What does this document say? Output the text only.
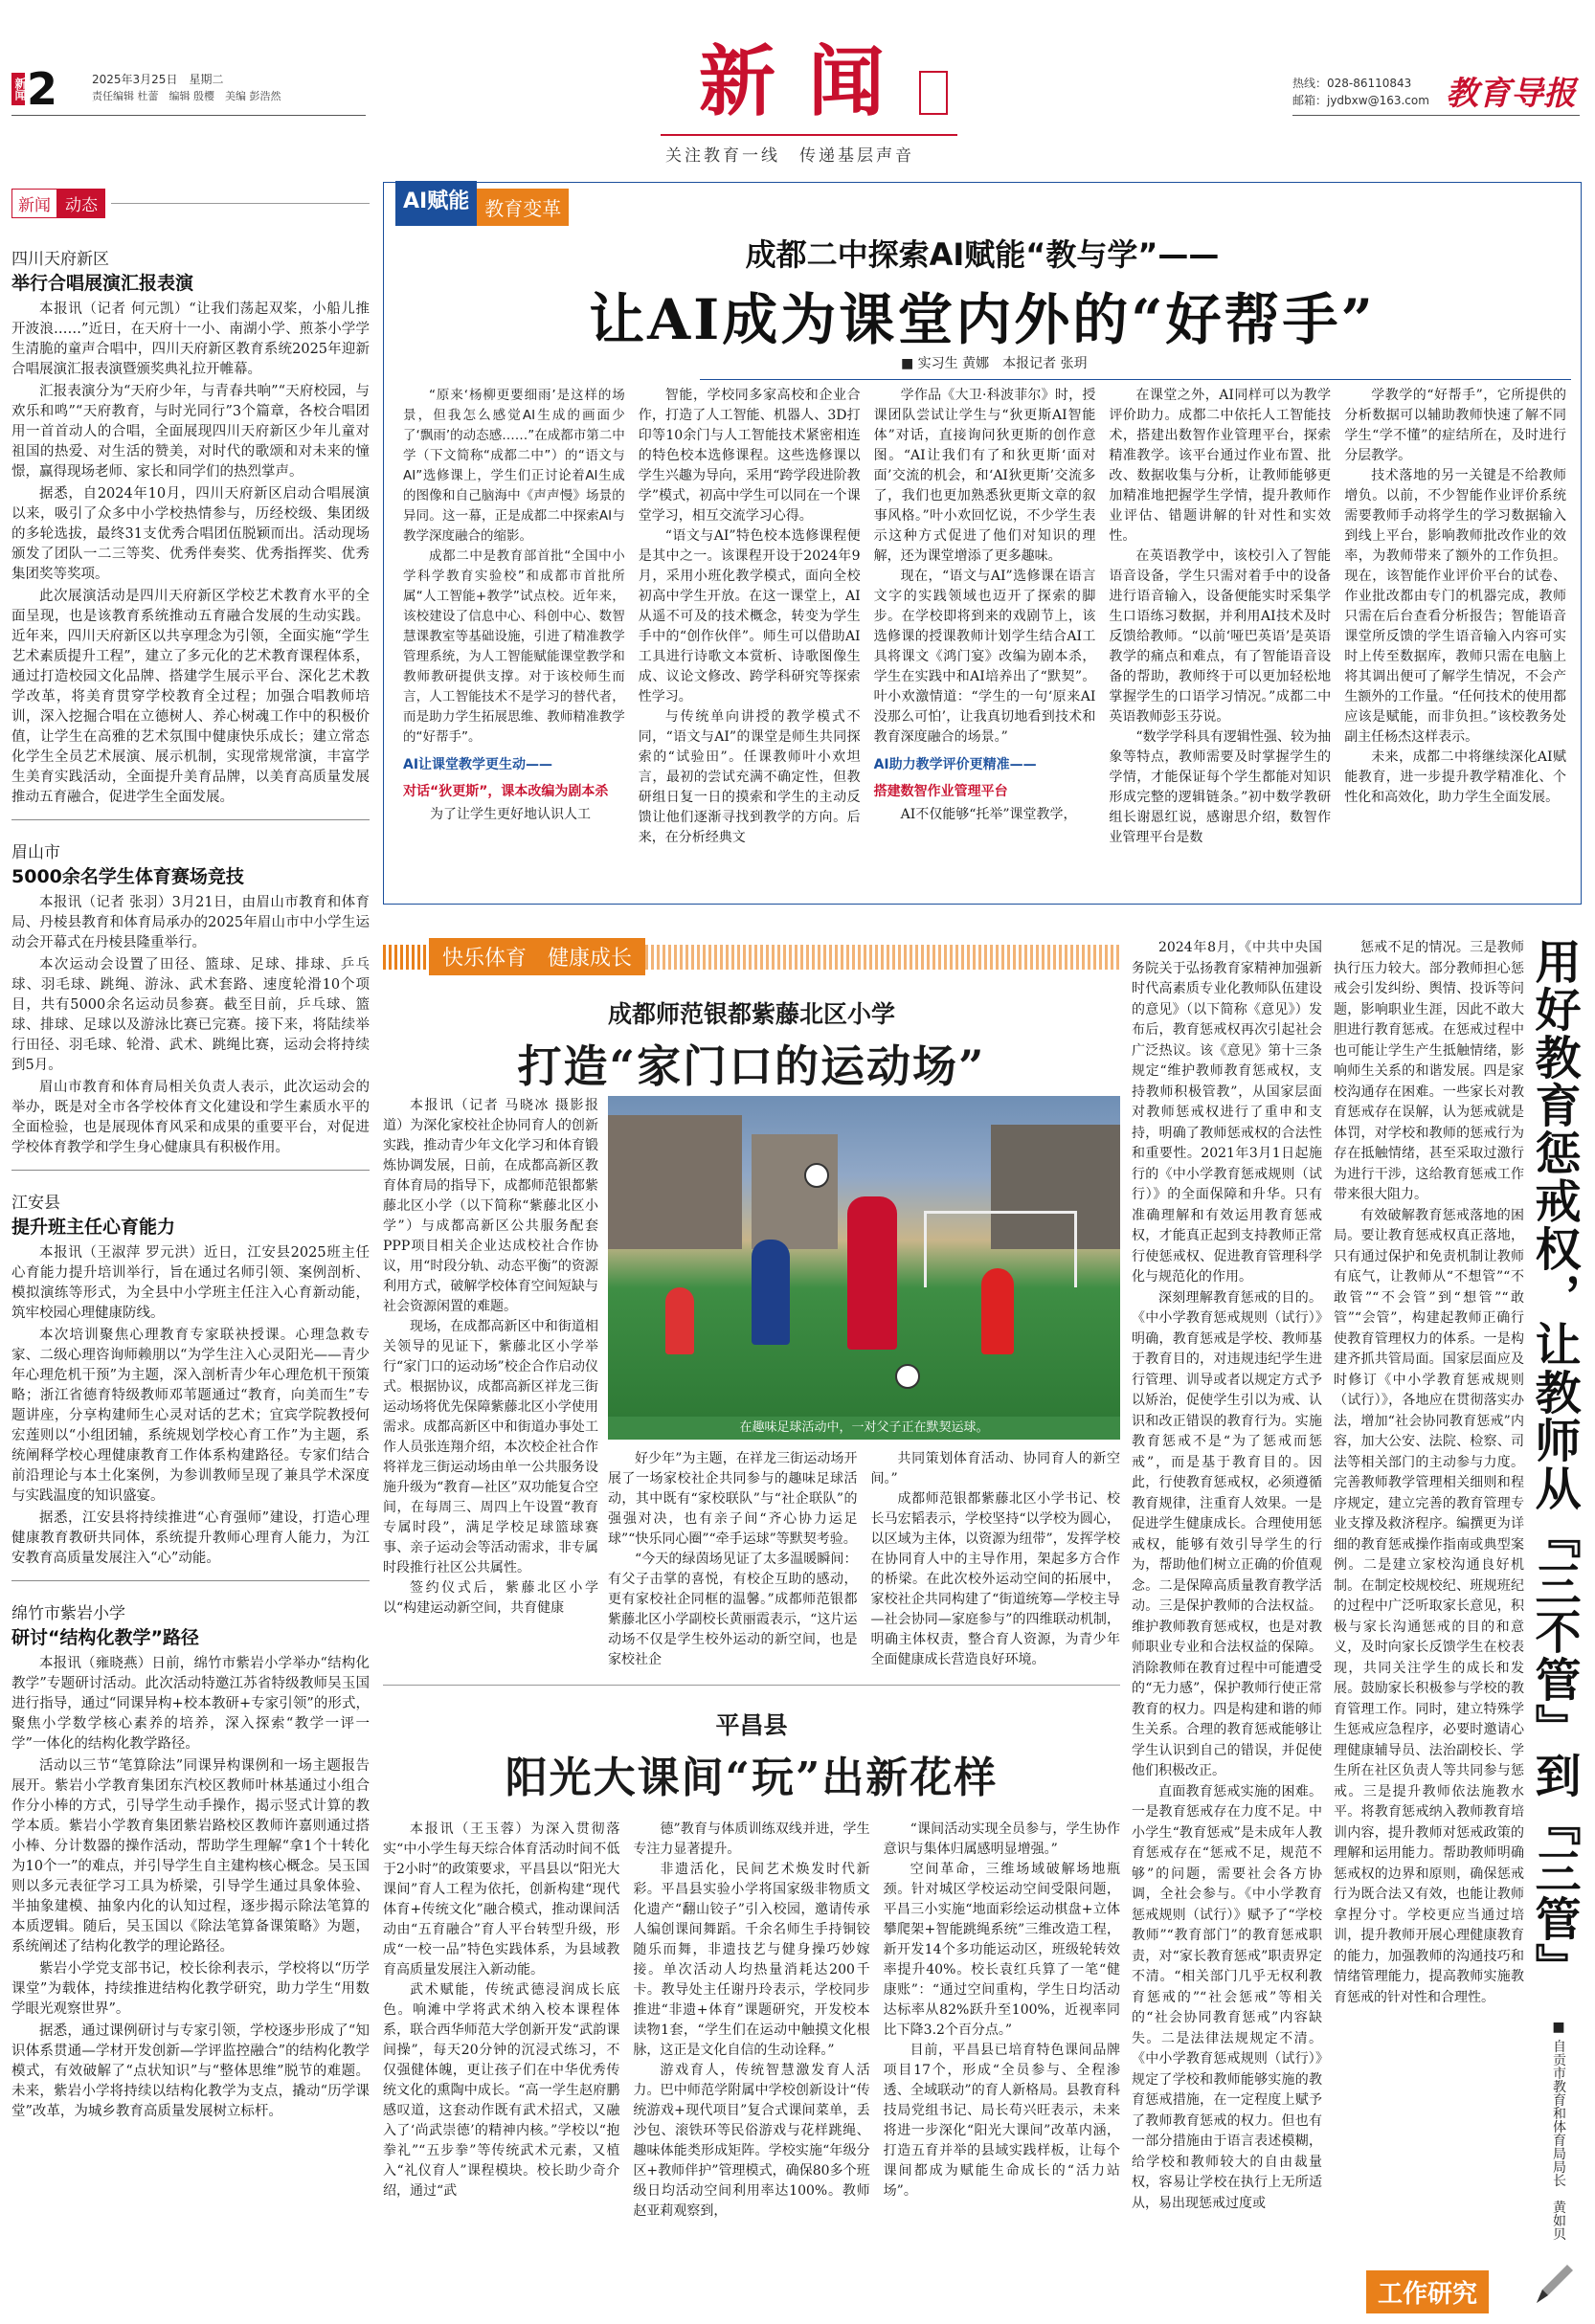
新闻 2	2025年3月25日　星期二
责任编辑 杜蕾　编辑 殷樱　美编 彭浩然	新闻
关注教育一线　传递基层声音
热线：028-86110843
邮箱：jydbxw@163.com 教育导报
新闻 动态
四川天府新区
举行合唱展演汇报表演

本报讯（记者 何元凯）“让我们荡起双桨，小船儿推开波浪……”近日，在天府十一小、南湖小学、煎茶小学学生清脆的童声合唱中，四川天府新区教育系统2025年迎新合唱展演汇报表演暨颁奖典礼拉开帷幕。

汇报表演分为“天府少年，与青春共响”“天府校园，与欢乐和鸣”“天府教育，与时光同行”3个篇章，各校合唱团用一首首动人的合唱，全面展现四川天府新区少年儿童对祖国的热爱、对生活的赞美，对时代的歌颂和对未来的憧憬，赢得现场老师、家长和同学们的热烈掌声。

据悉，自2024年10月，四川天府新区启动合唱展演以来，吸引了众多中小学校热情参与，历经校级、集团级的多轮选拔，最终31支优秀合唱团伍脱颖而出。活动现场颁发了团队一二三等奖、优秀伴奏奖、优秀指挥奖、优秀集团奖等奖项。

此次展演活动是四川天府新区学校艺术教育水平的全面呈现，也是该教育系统推动五育融合发展的生动实践。近年来，四川天府新区以共享理念为引领，全面实施“学生艺术素质提升工程”，建立了多元化的艺术教育课程体系，通过打造校园文化品牌、搭建学生展示平台、深化艺术教学改革，将美育贯穿学校教育全过程；加强合唱教师培训，深入挖掘合唱在立德树人、养心树魂工作中的积极价值，让学生在高雅的艺术氛围中健康快乐成长；建立常态化学生全员艺术展演、展示机制，实现常规常演，丰富学生美育实践活动，全面提升美育品牌，以美育高质量发展推动五育融合，促进学生全面发展。

眉山市
5000余名学生体育赛场竞技

本报讯（记者 张羽）3月21日，由眉山市教育和体育局、丹棱县教育和体育局承办的2025年眉山市中小学生运动会开幕式在丹棱县隆重举行。

本次运动会设置了田径、篮球、足球、排球、乒乓球、羽毛球、跳绳、游泳、武术套路、速度轮滑10个项目，共有5000余名运动员参赛。截至目前，乒乓球、篮球、排球、足球以及游泳比赛已完赛。接下来，将陆续举行田径、羽毛球、轮滑、武术、跳绳比赛，运动会将持续到5月。

眉山市教育和体育局相关负责人表示，此次运动会的举办，既是对全市各学校体育文化建设和学生素质水平的全面检验，也是展现体育风采和成果的重要平台，对促进学校体育教学和学生身心健康具有积极作用。

江安县
提升班主任心育能力

本报讯（王淑萍 罗元洪）近日，江安县2025班主任心育能力提升培训举行，旨在通过名师引领、案例剖析、模拟演练等形式，为全县中小学班主任注入心育新动能，筑牢校园心理健康防线。

本次培训聚焦心理教育专家联袂授课。心理急救专家、二级心理咨询师赖朋以“为学生注入心灵阳光——青少年心理危机干预”为主题，深入剖析青少年心理危机干预策略；浙江省德育特级教师邓苇题通过“教育，向美而生”专题讲座，分享构建师生心灵对话的艺术；宜宾学院教授何宏莲则以“小组团辅，系统规划学校心育工作”为主题，系统阐释学校心理健康教育工作体系构建路径。专家们结合前沿理论与本土化案例，为参训教师呈现了兼具学术深度与实践温度的知识盛宴。

据悉，江安县将持续推进“心育强师”建设，打造心理健康教育教研共同体，系统提升教师心理育人能力，为江安教育高质量发展注入“心”动能。

绵竹市紫岩小学
研讨“结构化教学”路径

本报讯（雍晓燕）日前，绵竹市紫岩小学举办“结构化教学”专题研讨活动。此次活动特邀江苏省特级教师吴玉国进行指导，通过“同课异构+校本教研+专家引领”的形式，聚焦小学数学核心素养的培养，深入探索“教学一评一学”一体化的结构化教学路径。

活动以三节“笔算除法”同课异构课例和一场主题报告展开。紫岩小学教育集团东汽校区教师叶林基通过小组合作分小棒的方式，引导学生动手操作，揭示竖式计算的教学本质。紫岩小学教育集团紫岩路校区教师许嘉则通过搭小棒、分计数器的操作活动，帮助学生理解“拿1个十转化为10个一”的难点，并引导学生自主建构核心概念。吴玉国则以多元表征学习工具为桥梁，引导学生通过具象体验、半抽象建模、抽象内化的认知过程，逐步揭示除法笔算的本质逻辑。随后，吴玉国以《除法笔算备课策略》为题，系统阐述了结构化教学的理论路径。

紫岩小学党支部书记，校长徐利表示，学校将以“历学课堂”为载体，持续推进结构化教学研究，助力学生“用数学眼光观察世界”。

据悉，通过课例研讨与专家引领，学校逐步形成了“知识体系贯通—学材开发创新—学评监控融合”的结构化教学模式，有效破解了“点状知识”与“整体思维”脱节的难题。未来，紫岩小学将持续以结构化教学为支点，撬动“历学课堂”改革，为城乡教育高质量发展树立标杆。

AI赋能 教育变革
成都二中探索AI赋能“教与学”——
让AI成为课堂内外的“好帮手”
■ 实习生 黄娜　本报记者 张玥

“原来‘杨柳更要细雨’是这样的场景，但我怎么感觉AI生成的画面少了‘飘雨’的动态感……”在成都市第二中学（下文简称“成都二中”）的“语文与AI”选修课上，学生们正讨论着AI生成的图像和自己脑海中《声声慢》场景的异同。这一幕，正是成都二中探索AI与教学深度融合的缩影。

成都二中是教育部首批“全国中小学科学教育实验校”和成都市首批所属“人工智能+教学”试点校。近年来，该校建设了信息中心、科创中心、数智慧课教室等基础设施，引进了精准教学管理系统，为人工智能赋能课堂教学和教师教研提供支撑。对于该校师生而言，人工智能技术不是学习的替代者，而是助力学生拓展思维、教师精准教学的“好帮手”。

AI让课堂教学更生动——
对话“狄更斯”，课本改编为剧本杀

为了让学生更好地认识人工

智能，学校同多家高校和企业合作，打造了人工智能、机器人、3D打印等10余门与人工智能技术紧密相连的特色校本选修课程。这些选修课以学生兴趣为导向，采用“跨学段进阶教学”模式，初高中学生可以同在一个课堂学习，相互交流学习心得。

“语文与AI”特色校本选修课程便是其中之一。该课程开设于2024年9月，采用小班化教学模式，面向全校初高中学生开放。在这一课堂上，AI从遥不可及的技术概念，转变为学生手中的“创作伙伴”。师生可以借助AI工具进行诗歌文本赏析、诗歌图像生成、议论文修改、跨学科研究等探索性学习。

与传统单向讲授的教学模式不同，“语文与AI”的课堂是师生共同探索的“试验田”。任课教师叶小欢坦言，最初的尝试充满不确定性，但教研组日复一日的摸索和学生的主动反馈让他们逐渐寻找到教学的方向。后来，在分析经典文

学作品《大卫·科波菲尔》时，授课团队尝试让学生与“狄更斯AI智能体”对话，直接询问狄更斯的创作意图。“AI让我们有了和狄更斯‘面对面’交流的机会，和‘AI狄更斯’交流多了，我们也更加熟悉狄更斯文章的叙事风格。”叶小欢回忆说，不少学生表示这种方式促进了他们对知识的理解，还为课堂增添了更多趣味。

现在，“语文与AI”选修课在语言文字的实践领域也迈开了探索的脚步。在学校即将到来的戏剧节上，该选修课的授课教师计划学生结合AI工具将课文《鸿门宴》改编为剧本杀，学生在实践中和AI培养出了“默契”。叶小欢激情道：“学生的一句‘原来AI没那么可怕’，让我真切地看到技术和教育深度融合的场景。”

AI助力教学评价更精准——
搭建数智作业管理平台

AI不仅能够“托举”课堂教学，

在课堂之外，AI同样可以为教学评价助力。成都二中依托人工智能技术，搭建出数智作业管理平台，探索精准教学。该平台通过作业布置、批改、数据收集与分析，让教师能够更加精准地把握学生学情，提升教师作业评估、错题讲解的针对性和实效性。

在英语教学中，该校引入了智能语音设备，学生只需对着手中的设备进行语音输入，设备便能实时采集学生口语练习数据，并利用AI技术及时反馈给教师。“以前‘哑巴英语’是英语教学的痛点和难点，有了智能语音设备的帮助，教师终于可以更加轻松地掌握学生的口语学习情况。”成都二中英语教师彭玉芬说。

“数学学科具有逻辑性强、较为抽象等特点，教师需要及时掌握学生的学情，才能保证每个学生都能对知识形成完整的逻辑链条。”初中数学教研组长谢恩红说，感谢思介绍，数智作业管理平台是数

学教学的“好帮手”，它所提供的分析数据可以辅助教师快速了解不同学生“学不懂”的症结所在，及时进行分层教学。

技术落地的另一关键是不给教师增负。以前，不少智能作业评价系统需要教师手动将学生的学习数据输入到线上平台，影响教师批改作业的效率，为教师带来了额外的工作负担。现在，该智能作业评价平台的试卷、作业批改都由专门的机器完成，教师只需在后台查看分析报告；智能语音课堂所反馈的学生语音输入内容可实时上传至数据库，教师只需在电脑上将其调出便可了解学生情况，不会产生额外的工作量。“任何技术的使用都应该是赋能，而非负担。”该校教务处副主任杨杰这样表示。

未来，成都二中将继续深化AI赋能教育，进一步提升教学精准化、个性化和高效化，助力学生全面发展。

快乐体育　健康成长
成都师范银都紫藤北区小学
打造“家门口的运动场”

本报讯（记者 马晓冰 摄影报道）为深化家校社企协同育人的创新实践，推动青少年文化学习和体育锻炼协调发展，日前，在成都高新区教育体育局的指导下，成都师范银都紫藤北区小学（以下简称“紫藤北区小学”）与成都高新区公共服务配套PPP项目相关企业达成校社合作协议，用“时段分轨、动态平衡”的资源利用方式，破解学校体育空间短缺与社会资源闲置的难题。

现场，在成都高新区中和街道相关领导的见证下，紫藤北区小学举行“家门口的运动场”校企合作启动仪式。根据协议，成都高新区祥龙三街运动场将优先保障紫藤北区小学使用需求。成都高新区中和街道办事处工作人员张连翔介绍，本次校企社合作将祥龙三街运动场由单一公共服务设施升级为“教育—社区”双功能复合空间，在每周三、周四上午设置“教育专属时段”，满足学校足球篮球赛事、亲子运动会等活动需求，非专属时段推行社区公共属性。

签约仪式后，紫藤北区小学以“构建运动新空间，共育健康

在趣味足球活动中，一对父子正在默契运球。

好少年”为主题，在祥龙三街运动场开展了一场家校社企共同参与的趣味足球活动，其中既有“家校联队”与“社企联队”的强强对决，也有亲子间“齐心协力运足球”“快乐同心圈”“牵手运球”等默契考验。

“今天的绿茵场见证了太多温暖瞬间：有父子击掌的喜悦，有校企互助的感动，更有家校社企同框的温馨。”成都师范银都紫藤北区小学副校长黄丽霞表示，“这片运动场不仅是学生校外运动的新空间，也是家校社企

共同策划体育活动、协同育人的新空间。”

成都师范银都紫藤北区小学书记、校长马宏韬表示，学校坚持“以学校为圆心，以区域为主体，以资源为纽带”，发挥学校在协同育人中的主导作用，架起多方合作的桥梁。在此次校外运动空间的拓展中，家校社企共同构建了“街道统筹—学校主导—社会协同—家庭参与”的四维联动机制，明确主体权责，整合育人资源，为青少年全面健康成长营造良好环境。

平昌县
阳光大课间“玩”出新花样

本报讯（王玉蓉）为深入贯彻落实“中小学生每天综合体育活动时间不低于2小时”的政策要求，平昌县以“阳光大课间”育人工程为依托，创新构建“现代体育+传统文化”融合模式，推动课间活动由“五育融合”育人平台转型升级，形成“一校一品”特色实践体系，为县域教育高质量发展注入新动能。

武术赋能，传统武德浸润成长底色。响滩中学将武术纳入校本课程体系，联合西华师范大学创新开发“武韵课间操”，每天20分钟的沉浸式练习，不仅强健体魄，更让孩子们在中华优秀传统文化的熏陶中成长。“高一学生赵府鹏感叹道，这套动作既有武术招式，又融入了‘尚武崇德’的精神内核。”学校以“抱拳礼”“五步拳”等传统武术元素，又植入“礼仪育人”课程模块。校长助少奇介绍，通过“武

德”教育与体质训练双线并进，学生专注力显著提升。

非遗活化，民间艺术焕发时代新彩。平昌县实验小学将国家级非物质文化遗产“翻山铰子”引入校园，邀请传承人编创课间舞蹈。千余名师生手持铜铰随乐而舞，非遗技艺与健身操巧妙嫁接。单次活动人均热量消耗达200千卡。教导处主任谢丹玲表示，学校同步推进“非遗+体育”课题研究，开发校本读物1套，“学生们在运动中触摸文化根脉，这正是文化自信的生动诠释。”

游戏育人，传统智慧激发育人活力。巴中师范学附属中学校创新设计“传统游戏+现代项目”复合式课间菜单，丢沙包、滚铁环等民俗游戏与花样跳绳、趣味体能类形成矩阵。学校实施“年级分区+教师伴护”管理模式，确保80多个班级日均活动空间利用率达100%。教师赵亚莉观察到，

“课间活动实现全员参与，学生协作意识与集体归属感明显增强。”

空间革命，三维场域破解场地瓶颈。针对城区学校运动空间受限问题，平昌三小实施“地面彩绘运动棋盘+立体攀爬架+智能跳绳系统”三维改造工程，新开发14个多功能运动区，班级轮转效率提升40%。校长袁红兵算了一笔“健康账”：“通过空间重构，学生日均活动达标率从82%跃升至100%，近视率同比下降3.2个百分点。”

目前，平昌县已培育特色课间品牌项目17个，形成“全员参与、全程渗透、全域联动”的育人新格局。县教育科技局党组书记、局长苟兴旺表示，未来将进一步深化“阳光大课间”改革内涵，打造五育并举的县域实践样板，让每个课间都成为赋能生命成长的“活力站场”。

2024年8月，《中共中央国务院关于弘扬教育家精神加强新时代高素质专业化教师队伍建设的意见》（以下简称《意见》）发布后，教育惩戒权再次引起社会广泛热议。该《意见》第十三条规定“维护教师教育惩戒权，支持教师积极管教”，从国家层面对教师惩戒权进行了重申和支持，明确了教师惩戒权的合法性和重要性。2021年3月1日起施行的《中小学教育惩戒规则（试行）》的全面保障和升华。只有准确理解和有效运用教育惩戒权，才能真正起到支持教师正常行使惩戒权、促进教育管理科学化与规范化的作用。

深刻理解教育惩戒的目的。《中小学教育惩戒规则（试行）》明确，教育惩戒是学校、教师基于教育目的，对违规违纪学生进行管理、训导或者以规定方式予以矫治，促使学生引以为戒、认识和改正错误的教育行为。实施教育惩戒不是“为了惩戒而惩戒”，而是基于教育目的。因此，行使教育惩戒权，必须遵循教育规律，注重育人效果。一是促进学生健康成长。合理使用惩戒权，能够有效引导学生的行为，帮助他们树立正确的价值观念。二是保障高质量教育教学活动。三是保护教师的合法权益。维护教师教育惩戒权，也是对教师职业专业和合法权益的保障。消除教师在教育过程中可能遭受的“无力感”，保护教师行使正常教育的权力。四是构建和谐的师生关系。合理的教育惩戒能够让学生认识到自己的错误，并促使他们积极改正。

直面教育惩戒实施的困难。一是教育惩戒存在力度不足。中小学生“教育惩戒”是未成年人教育惩戒存在“惩戒不足，规范不够”的问题，需要社会各方协调，全社会参与。《中小学教育惩戒规则（试行）》赋予了“学校教师”“教育部门”的教育惩戒职责，对“家长教育惩戒”职责界定不清。“相关部门几乎无权利教育惩戒的”“社会惩戒”等相关的“社会协同教育惩戒”内容缺失。二是法律法规规定不清。《中小学教育惩戒规则（试行）》规定了学校和教师能够实施的教育惩戒措施，在一定程度上赋予了教师教育惩戒的权力。但也有一部分措施由于语言表述模糊，给学校和教师较大的自由裁量权，容易让学校在执行上无所适从，易出现惩戒过度或

惩戒不足的情况。三是教师执行压力较大。部分教师担心惩戒会引发纠纷、舆情、投诉等问题，影响职业生涯，因此不敢大胆进行教育惩戒。在惩戒过程中也可能让学生产生抵触情绪，影响师生关系的和谐发展。四是家校沟通存在困难。一些家长对教育惩戒存在误解，认为惩戒就是体罚，对学校和教师的惩戒行为存在抵触情绪，甚至采取过激行为进行干涉，这给教育惩戒工作带来很大阻力。

有效破解教育惩戒落地的困局。要让教育惩戒权真正落地，只有通过保护和免责机制让教师有底气，让教师从“不想管”“不敢管”“不会管”到“想管”“敢管”“会管”，构建起教师正确行使教育管理权力的体系。一是构建齐抓共管局面。国家层面应及时修订《中小学教育惩戒规则（试行）》，各地应在贯彻落实办法，增加“社会协同教育惩戒”内容，加大公安、法院、检察、司法等相关部门的主动参与力度。完善教师教学管理相关细则和程序规定，建立完善的教育管理专业支撑及救济程序。编撰更为详细的教育惩戒操作指南或典型案例。二是建立家校沟通良好机制。在制定校规校纪、班规班纪的过程中广泛听取家长意见，积极与家长沟通惩戒的目的和意义，及时向家长反馈学生在校表现，共同关注学生的成长和发展。鼓励家长积极参与学校的教育管理工作。同时，建立特殊学生惩戒应急程序，必要时邀请心理健康辅导员、法治副校长、学生所在社区负责人等共同参与惩戒。三是提升教师依法施教水平。将教育惩戒纳入教师教育培训内容，提升教师对惩戒政策的理解和运用能力。帮助教师明确惩戒权的边界和原则，确保惩戒行为既合法又有效，也能让教师拿捏分寸。学校更应当通过培训，提升教师开展心理健康教育的能力，加强教师的沟通技巧和情绪管理能力，提高教师实施教育惩戒的针对性和合理性。

用好教育惩戒权，让教师从『三不管』到『三管』
■ 自贡市教育和体育局局长　黄如贝
工作研究
